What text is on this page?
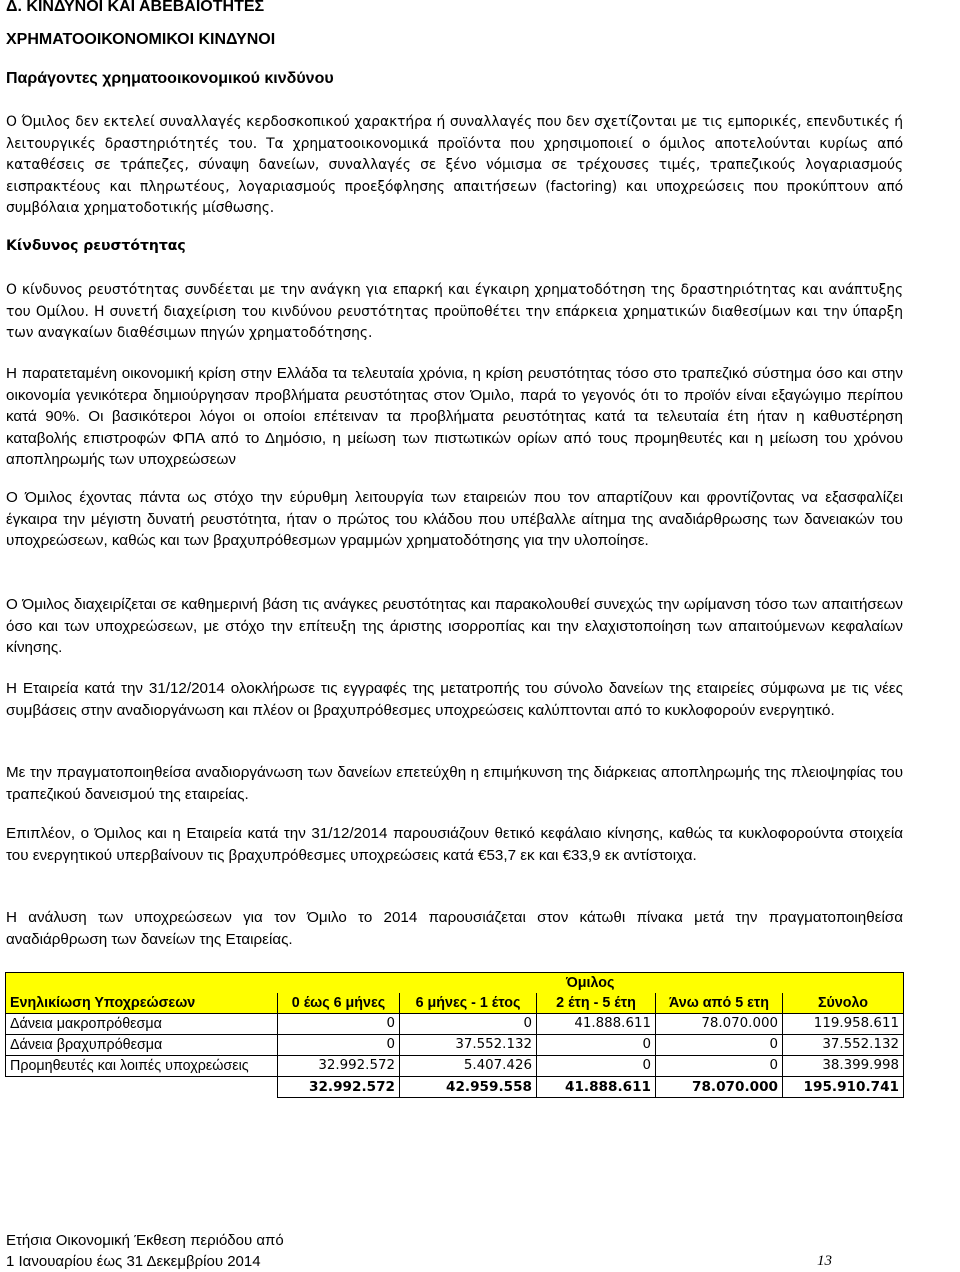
Δ. ΚΙΝΔΥΝΟΙ ΚΑΙ ΑΒΕΒΑΙΟΤΗΤΕΣ
ΧΡΗΜΑΤΟΟΙΚΟΝΟΜΙΚΟΙ ΚΙΝΔΥΝΟΙ
Παράγοντες χρηματοοικονομικού κινδύνου
Ο Όμιλος δεν εκτελεί συναλλαγές κερδοσκοπικού χαρακτήρα ή συναλλαγές που δεν σχετίζονται με τις εμπορικές, επενδυτικές ή λειτουργικές δραστηριότητές του. Τα χρηματοοικονομικά προϊόντα που χρησιμοποιεί ο όμιλος αποτελούνται κυρίως από καταθέσεις σε τράπεζες, σύναψη δανείων, συναλλαγές σε ξένο νόμισμα σε τρέχουσες τιμές, τραπεζικούς λογαριασμούς εισπρακτέους και πληρωτέους, λογαριασμούς προεξόφλησης απαιτήσεων (factoring) και υποχρεώσεις που προκύπτουν από συμβόλαια χρηματοδοτικής μίσθωσης.
Κίνδυνος ρευστότητας
Ο κίνδυνος ρευστότητας συνδέεται με την ανάγκη για επαρκή και έγκαιρη χρηματοδότηση της δραστηριότητας και ανάπτυξης του Ομίλου. Η συνετή διαχείριση του κινδύνου ρευστότητας προϋποθέτει την επάρκεια χρηματικών διαθεσίμων και την ύπαρξη των αναγκαίων διαθέσιμων πηγών χρηματοδότησης.
Η παρατεταμένη οικονομική κρίση στην Ελλάδα τα τελευταία χρόνια, η κρίση ρευστότητας τόσο στο τραπεζικό σύστημα όσο και στην οικονομία γενικότερα δημιούργησαν προβλήματα ρευστότητας στον Όμιλο, παρά το γεγονός ότι το προϊόν είναι εξαγώγιμο περίπου κατά 90%. Οι βασικότεροι λόγοι οι οποίοι επέτειναν τα προβλήματα ρευστότητας κατά τα τελευταία έτη ήταν η καθυστέρηση καταβολής επιστροφών ΦΠΑ από το Δημόσιο, η μείωση των πιστωτικών ορίων από τους προμηθευτές και η μείωση του χρόνου αποπληρωμής των υποχρεώσεων
Ο Όμιλος έχοντας πάντα ως στόχο την εύρυθμη λειτουργία των εταιρειών που τον απαρτίζουν και φροντίζοντας να εξασφαλίζει έγκαιρα την μέγιστη δυνατή ρευστότητα, ήταν ο πρώτος του κλάδου που υπέβαλλε αίτημα της αναδιάρθρωσης των δανειακών του υποχρεώσεων, καθώς και των βραχυπρόθεσμων γραμμών χρηματοδότησης για την υλοποίησε.
Ο Όμιλος διαχειρίζεται σε καθημερινή βάση τις ανάγκες ρευστότητας και παρακολουθεί συνεχώς την ωρίμανση τόσο των απαιτήσεων όσο και των υποχρεώσεων, με στόχο την επίτευξη της άριστης ισορροπίας και την ελαχιστοποίηση των απαιτούμενων κεφαλαίων κίνησης.
Η Εταιρεία κατά την 31/12/2014 ολοκλήρωσε τις εγγραφές της μετατροπής του σύνολο δανείων της εταιρείες σύμφωνα με τις νέες συμβάσεις στην αναδιοργάνωση και πλέον οι βραχυπρόθεσμες υποχρεώσεις καλύπτονται από το κυκλοφορούν ενεργητικό.
Με την πραγματοποιηθείσα αναδιοργάνωση των δανείων επετεύχθη η επιμήκυνση της διάρκειας αποπληρωμής της πλειοψηφίας του τραπεζικού δανεισμού της εταιρείας.
Επιπλέον, ο Όμιλος και η Εταιρεία κατά την 31/12/2014 παρουσιάζουν θετικό κεφάλαιο κίνησης, καθώς τα κυκλοφορούντα στοιχεία του ενεργητικού υπερβαίνουν τις βραχυπρόθεσμες υποχρεώσεις κατά €53,7 εκ και €33,9 εκ αντίστοιχα.
Η ανάλυση των υποχρεώσεων για τον Όμιλο το 2014 παρουσιάζεται στον κάτωθι πίνακα μετά την πραγματοποιηθείσα αναδιάρθρωση των δανείων της Εταιρείας.
	Όμιλος				
Ενηλικίωση Υποχρεώσεων	0 έως 6 μήνες	6 μήνες - 1 έτος	2 έτη - 5 έτη	Άνω από 5 ετη	Σύνολο
Δάνεια μακροπρόθεσμα	0	0	41.888.611	78.070.000	119.958.611
Δάνεια βραχυπρόθεσμα	0	37.552.132	0	0	37.552.132
Προμηθευτές και λοιπές υποχρεώσεις	32.992.572	5.407.426	0	0	38.399.998
	32.992.572	42.959.558	41.888.611	78.070.000	195.910.741
Ετήσια Οικονομική Έκθεση περιόδου από
1 Ιανουαρίου έως 31 Δεκεμβρίου 2014	13
